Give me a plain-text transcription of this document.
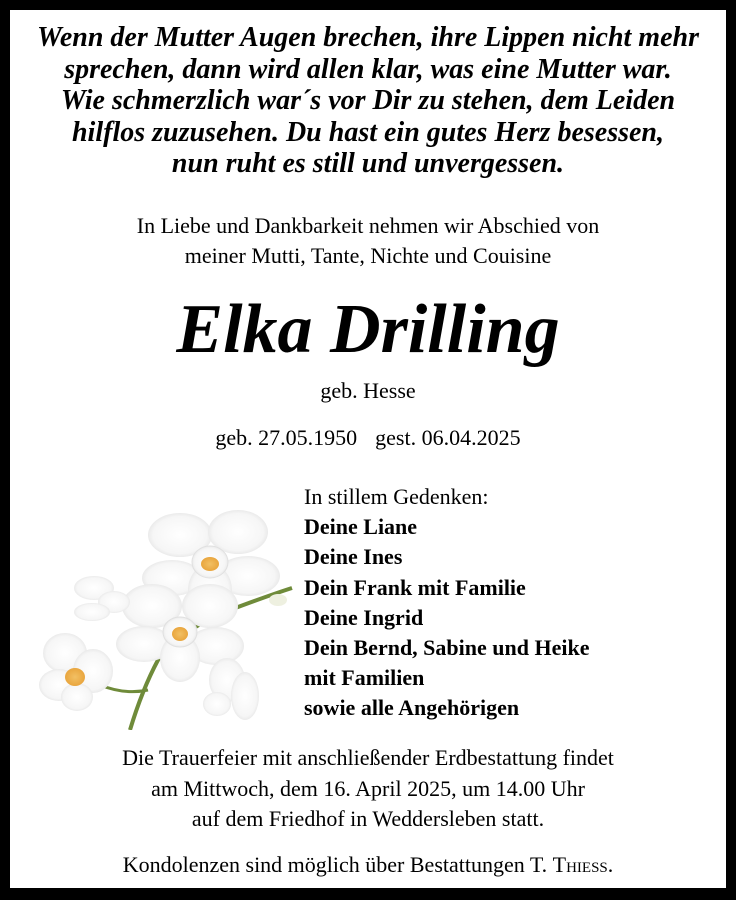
Wenn der Mutter Augen brechen, ihre Lippen nicht mehr
sprechen, dann wird allen klar, was eine Mutter war.
Wie schmerzlich war´s vor Dir zu stehen, dem Leiden
hilflos zuzusehen. Du hast ein gutes Herz besessen,
nun ruht es still und unvergessen.
In Liebe und Dankbarkeit nehmen wir Abschied von
meiner Mutti, Tante, Nichte und Couisine
Elka Drilling
geb. Hesse
geb. 27.05.1950 gest. 06.04.2025
In stillem Gedenken:
Deine Liane
Deine Ines
Dein Frank mit Familie
Deine Ingrid
Dein Bernd, Sabine und Heike
mit Familien
sowie alle Angehörigen
Die Trauerfeier mit anschließender Erdbestattung findet
am Mittwoch, dem 16. April 2025, um 14.00 Uhr
auf dem Friedhof in Weddersleben statt.
Kondolenzen sind möglich über Bestattungen T. Thieß.
